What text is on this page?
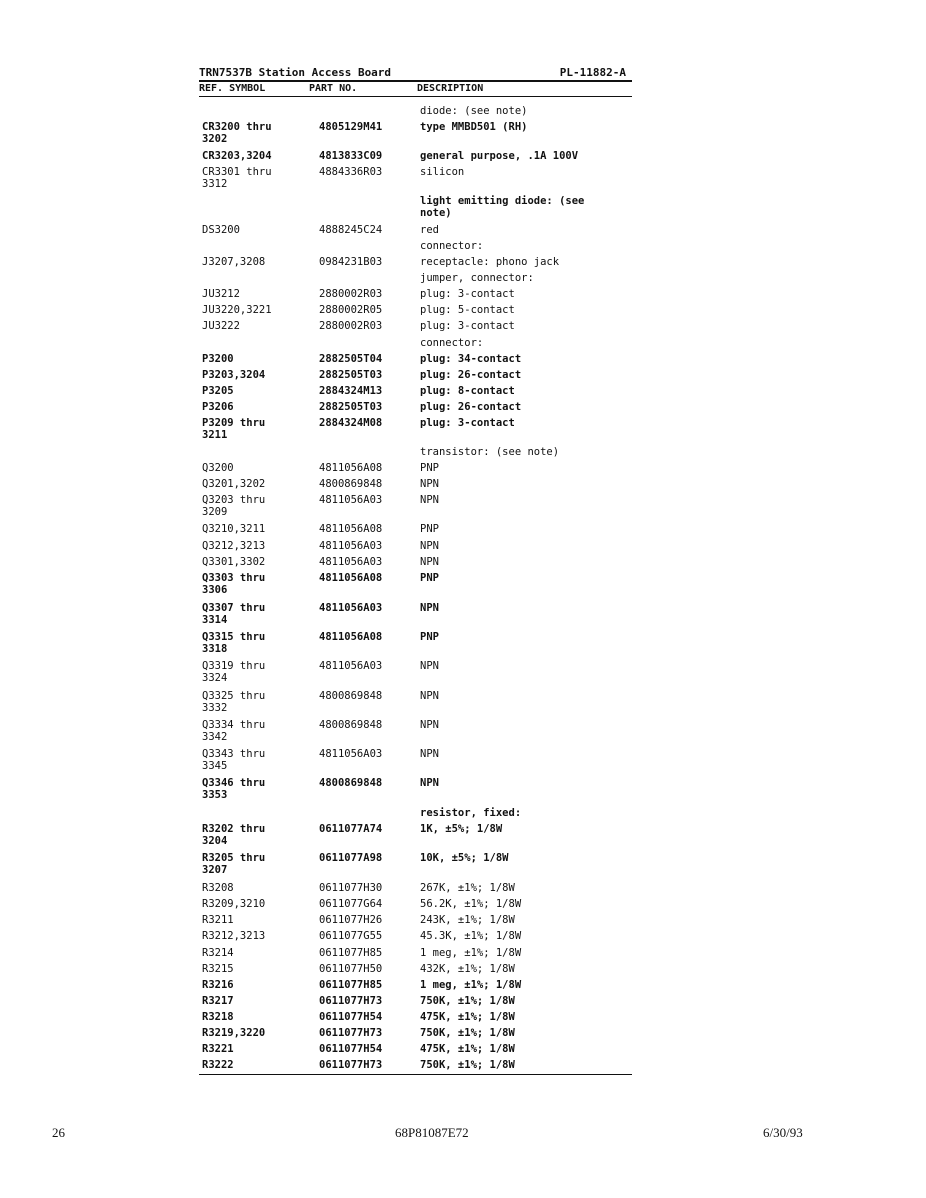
TRN7537B Station Access Board	PL-11882-A
REF. SYMBOL	PART NO.	DESCRIPTION
diode: (see note)
CR3200 thru
3202
4805129M41	type MMBD501 (RH)
CR3203,3204	4813833C09	general purpose, .1A 100V
CR3301 thru
3312
4884336R03	silicon
light emitting diode: (see
note)
DS3200	4888245C24	red
connector:
J3207,3208	0984231B03	receptacle: phono jack
jumper, connector:
JU3212	2880002R03	plug: 3-contact
JU3220,3221	2880002R05	plug: 5-contact
JU3222	2880002R03	plug: 3-contact
connector:
P3200	2882505T04	plug: 34-contact
P3203,3204	2882505T03	plug: 26-contact
P3205	2884324M13	plug: 8-contact
P3206	2882505T03	plug: 26-contact
P3209 thru
3211
2884324M08	plug: 3-contact
transistor: (see note)
Q3200	4811056A08	PNP
Q3201,3202	4800869848	NPN
Q3203 thru
3209
4811056A03	NPN
Q3210,3211	4811056A08	PNP
Q3212,3213	4811056A03	NPN
Q3301,3302	4811056A03	NPN
Q3303 thru
3306
4811056A08	PNP
Q3307 thru
3314
4811056A03	NPN
Q3315 thru
3318
4811056A08	PNP
Q3319 thru
3324
4811056A03	NPN
Q3325 thru
3332
4800869848	NPN
Q3334 thru
3342
4800869848	NPN
Q3343 thru
3345
4811056A03	NPN
Q3346 thru
3353
4800869848	NPN
resistor, fixed:
R3202 thru
3204
0611077A74	1K, ±5%; 1/8W
R3205 thru
3207
0611077A98	10K, ±5%; 1/8W
R3208	0611077H30	267K, ±1%; 1/8W
R3209,3210	0611077G64	56.2K, ±1%; 1/8W
R3211	0611077H26	243K, ±1%; 1/8W
R3212,3213	0611077G55	45.3K, ±1%; 1/8W
R3214	0611077H85	1 meg, ±1%; 1/8W
R3215	0611077H50	432K, ±1%; 1/8W
R3216	0611077H85	1 meg, ±1%; 1/8W
R3217	0611077H73	750K, ±1%; 1/8W
R3218	0611077H54	475K, ±1%; 1/8W
R3219,3220	0611077H73	750K, ±1%; 1/8W
R3221	0611077H54	475K, ±1%; 1/8W
R3222	0611077H73	750K, ±1%; 1/8W
26	68P81087E72	6/30/93
